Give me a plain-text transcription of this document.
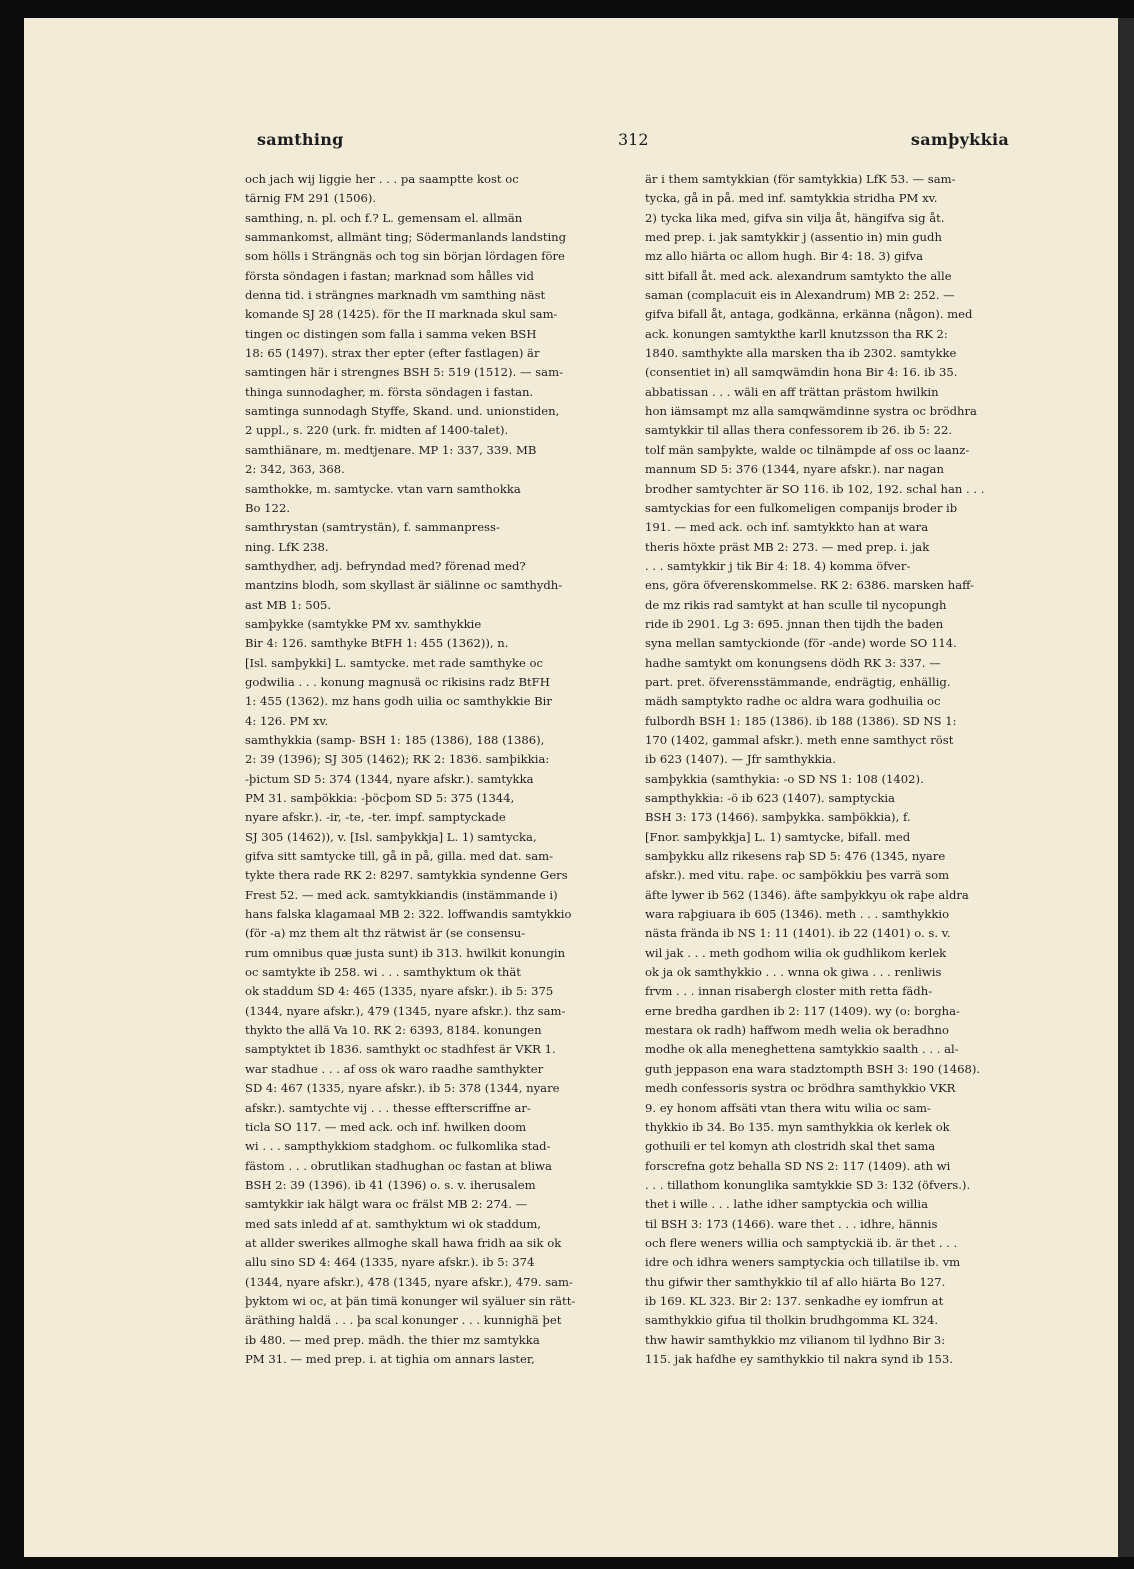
samthing	312	samþykkia
och jach wij liggie her . . . pa saamptte kost oc
tärnig FM 291 (1506).
samthing, n. pl. och f.? L. gemensam el. allmän
sammankomst, allmänt ting; Södermanlands landsting
som hölls i Strängnäs och tog sin början lördagen före
första söndagen i fastan; marknad som hålles vid
denna tid. i strängnes marknadh vm samthing näst
komande SJ 28 (1425). för the II marknada skul sam-
tingen oc distingen som falla i samma veken BSH
18: 65 (1497). strax ther epter (efter fastlagen) är
samtingen här i strengnes BSH 5: 519 (1512). — sam-
thinga sunnodagher, m. första söndagen i fastan.
samtinga sunnodagh Styffe, Skand. und. unionstiden,
2 uppl., s. 220 (urk. fr. midten af 1400-talet).
samthiänare, m. medtjenare. MP 1: 337, 339. MB
2: 342, 363, 368.
samthokke, m. samtycke. vtan varn samthokka
Bo 122.
samthrystan (samtrystän), f. sammanpress-
ning. LfK 238.
samthydher, adj. befryndad med? förenad med?
mantzins blodh, som skyllast är siälinne oc samthydh-
ast MB 1: 505.
samþykke (samtykke PM xv. samthykkie
Bir 4: 126. samthyke BtFH 1: 455 (1362)), n.
[Isl. samþykki] L. samtycke. met rade samthyke oc
godwilia . . . konung magnusä oc rikisins radz BtFH
1: 455 (1362). mz hans godh uilia oc samthykkie Bir
4: 126. PM xv.
samthykkia (samp- BSH 1: 185 (1386), 188 (1386),
2: 39 (1396); SJ 305 (1462); RK 2: 1836. samþikkia:
-þictum SD 5: 374 (1344, nyare afskr.). samtykka
PM 31. samþökkia: -þöcþom SD 5: 375 (1344,
nyare afskr.). -ir, -te, -ter. impf. samptyckade
SJ 305 (1462)), v. [Isl. samþykkja] L. 1) samtycka,
gifva sitt samtycke till, gå in på, gilla. med dat. sam-
tykte thera rade RK 2: 8297. samtykkia syndenne Gers
Frest 52. — med ack. samtykkiandis (instämmande i)
hans falska klagamaal MB 2: 322. loffwandis samtykkio
(för -a) mz them alt thz rätwist är (se consensu-
rum omnibus quæ justa sunt) ib 313. hwilkit konungin
oc samtykte ib 258. wi . . . samthyktum ok thät
ok staddum SD 4: 465 (1335, nyare afskr.). ib 5: 375
(1344, nyare afskr.), 479 (1345, nyare afskr.). thz sam-
thykto the allä Va 10. RK 2: 6393, 8184. konungen
samptyktet ib 1836. samthykt oc stadhfest är VKR 1.
war stadhue . . . af oss ok waro raadhe samthykter
SD 4: 467 (1335, nyare afskr.). ib 5: 378 (1344, nyare
afskr.). samtychte vij . . . thesse effterscriffne ar-
ticla SO 117. — med ack. och inf. hwilken doom
wi . . . sampthykkiom stadghom. oc fulkomlika stad-
fästom . . . obrutlikan stadhughan oc fastan at bliwa
BSH 2: 39 (1396). ib 41 (1396) o. s. v. iherusalem
samtykkir iak hälgt wara oc frälst MB 2: 274. —
med sats inledd af at. samthyktum wi ok staddum,
at allder swerikes allmoghe skall hawa fridh aa sik ok
allu sino SD 4: 464 (1335, nyare afskr.). ib 5: 374
(1344, nyare afskr.), 478 (1345, nyare afskr.), 479. sam-
þyktom wi oc, at þän timä konunger wil syäluer sin rätt-
äräthing haldä . . . þa scal konunger . . . kunnighä þet
ib 480. — med prep. mädh. the thier mz samtykka
PM 31. — med prep. i. at tighia om annars laster,
är i them samtykkian (för samtykkia) LfK 53. — sam-
tycka, gå in på. med inf. samtykkia stridha PM xv.
2) tycka lika med, gifva sin vilja åt, hängifva sig åt.
med prep. i. jak samtykkir j (assentio in) min gudh
mz allo hiärta oc allom hugh. Bir 4: 18. 3) gifva
sitt bifall åt. med ack. alexandrum samtykto the alle
saman (complacuit eis in Alexandrum) MB 2: 252. —
gifva bifall åt, antaga, godkänna, erkänna (någon). med
ack. konungen samtykthe karll knutzsson tha RK 2:
1840. samthykte alla marsken tha ib 2302. samtykke
(consentiet in) all samqwämdin hona Bir 4: 16. ib 35.
abbatissan . . . wäli en aff trättan prästom hwilkin
hon iämsampt mz alla samqwämdinne systra oc brödhra
samtykkir til allas thera confessorem ib 26. ib 5: 22.
tolf män samþykte, walde oc tilnämpde af oss oc laanz-
mannum SD 5: 376 (1344, nyare afskr.). nar nagan
brodher samtychter är SO 116. ib 102, 192. schal han . . .
samtyckias for een fulkomeligen companijs broder ib
191. — med ack. och inf. samtykkto han at wara
theris höxte präst MB 2: 273. — med prep. i. jak
. . . samtykkir j tik Bir 4: 18. 4) komma öfver-
ens, göra öfverenskommelse. RK 2: 6386. marsken haff-
de mz rikis rad samtykt at han sculle til nycopungh
ride ib 2901. Lg 3: 695. jnnan then tijdh the baden
syna mellan samtyckionde (för -ande) worde SO 114.
hadhe samtykt om konungsens dödh RK 3: 337. —
part. pret. öfverensstämmande, endrägtig, enhällig.
mädh samptykto radhe oc aldra wara godhuilia oc
fulbordh BSH 1: 185 (1386). ib 188 (1386). SD NS 1:
170 (1402, gammal afskr.). meth enne samthyct röst
ib 623 (1407). — Jfr samthykkia.
samþykkia (samthykia: -o SD NS 1: 108 (1402).
sampthykkia: -ö ib 623 (1407). samptyckia
BSH 3: 173 (1466). samþykka. samþökkia), f.
[Fnor. samþykkja] L. 1) samtycke, bifall. med
samþykku allz rikesens raþ SD 5: 476 (1345, nyare
afskr.). med vitu. raþe. oc samþökkiu þes varrä som
äfte lywer ib 562 (1346). äfte samþykkyu ok raþe aldra
wara raþgiuara ib 605 (1346). meth . . . samthykkio
nästa frända ib NS 1: 11 (1401). ib 22 (1401) o. s. v.
wil jak . . . meth godhom wilia ok gudhlikom kerlek
ok ja ok samthykkio . . . wnna ok giwa . . . renliwis
frvm . . . innan risabergh closter mith retta fädh-
erne bredha gardhen ib 2: 117 (1409). wy (o: borgha-
mestara ok radh) haffwom medh welia ok beradhno
modhe ok alla meneghettena samtykkio saalth . . . al-
guth jeppason ena wara stadztompth BSH 3: 190 (1468).
medh confessoris systra oc brödhra samthykkio VKR
9. ey honom affsäti vtan thera witu wilia oc sam-
thykkio ib 34. Bo 135. myn samthykkia ok kerlek ok
gothuili er tel komyn ath clostridh skal thet sama
forscrefna gotz behalla SD NS 2: 117 (1409). ath wi
. . . tillathom konunglika samtykkie SD 3: 132 (öfvers.).
thet i wille . . . lathe idher samptyckia och willia
til BSH 3: 173 (1466). ware thet . . . idhre, hännis
och flere weners willia och samptyckiä ib. är thet . . .
idre och idhra weners samptyckia och tillatilse ib. vm
thu gifwir ther samthykkio til af allo hiärta Bo 127.
ib 169. KL 323. Bir 2: 137. senkadhe ey iomfrun at
samthykkio gifua til tholkin brudhgomma KL 324.
thw hawir samthykkio mz vilianom til lydhno Bir 3:
115. jak hafdhe ey samthykkio til nakra synd ib 153.
